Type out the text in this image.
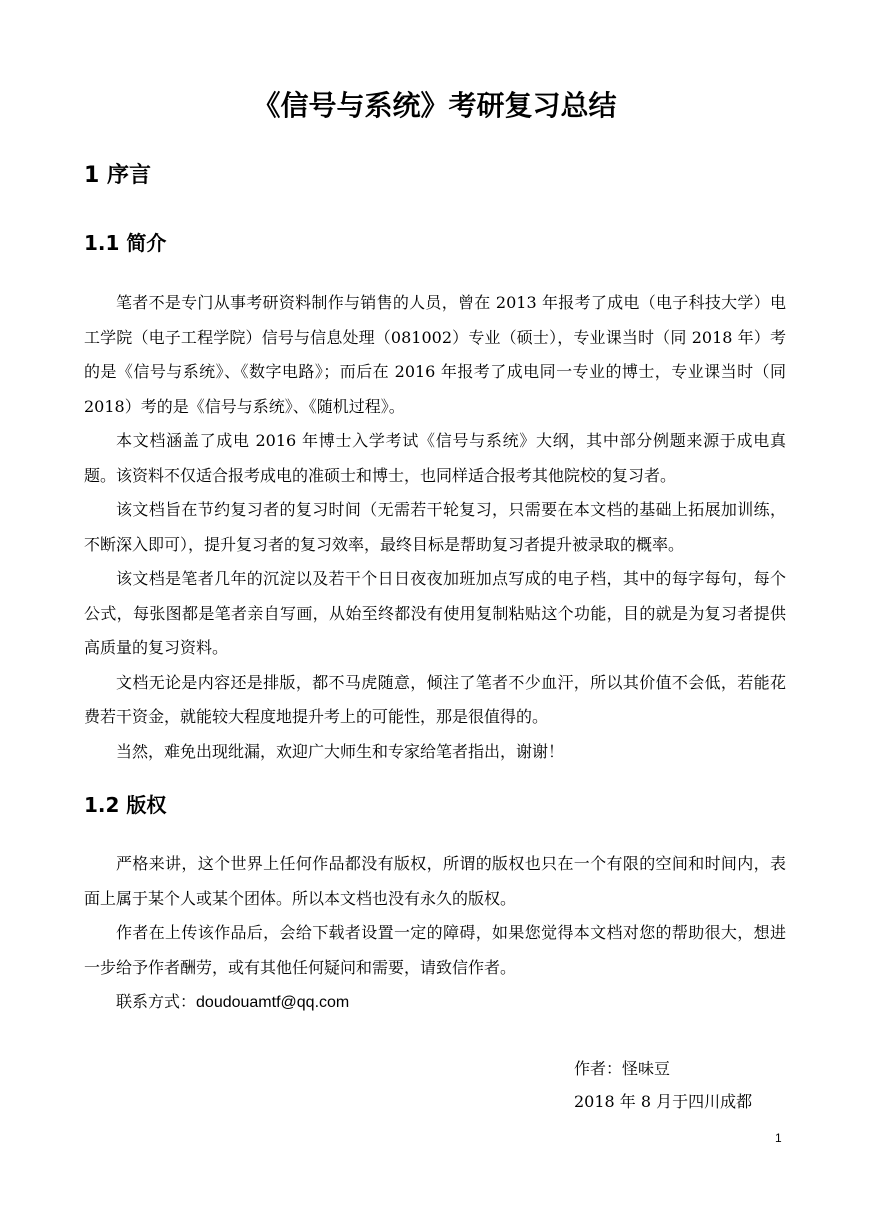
《信号与系统》考研复习总结
1 序言
1.1 简介

笔者不是专门从事考研资料制作与销售的人员，曾在 2013 年报考了成电（电子科技大学）电工学院（电子工程学院）信号与信息处理（081002）专业（硕士），专业课当时（同 2018 年）考的是《信号与系统》、《数字电路》；而后在 2016 年报考了成电同一专业的博士，专业课当时（同 2018）考的是《信号与系统》、《随机过程》。

本文档涵盖了成电 2016 年博士入学考试《信号与系统》大纲，其中部分例题来源于成电真题。该资料不仅适合报考成电的准硕士和博士，也同样适合报考其他院校的复习者。

该文档旨在节约复习者的复习时间（无需若干轮复习，只需要在本文档的基础上拓展加训练，不断深入即可），提升复习者的复习效率，最终目标是帮助复习者提升被录取的概率。

该文档是笔者几年的沉淀以及若干个日日夜夜加班加点写成的电子档，其中的每字每句，每个公式，每张图都是笔者亲自写画，从始至终都没有使用复制粘贴这个功能，目的就是为复习者提供高质量的复习资料。

文档无论是内容还是排版，都不马虎随意，倾注了笔者不少血汗，所以其价值不会低，若能花费若干资金，就能较大程度地提升考上的可能性，那是很值得的。

当然，难免出现纰漏，欢迎广大师生和专家给笔者指出，谢谢！

1.2 版权

严格来讲，这个世界上任何作品都没有版权，所谓的版权也只在一个有限的空间和时间内，表面上属于某个人或某个团体。所以本文档也没有永久的版权。

作者在上传该作品后，会给下载者设置一定的障碍，如果您觉得本文档对您的帮助很大，想进一步给予作者酬劳，或有其他任何疑问和需要，请致信作者。

联系方式：doudouamtf@qq.com
作者：怪味豆
2018 年 8 月于四川成都
1
